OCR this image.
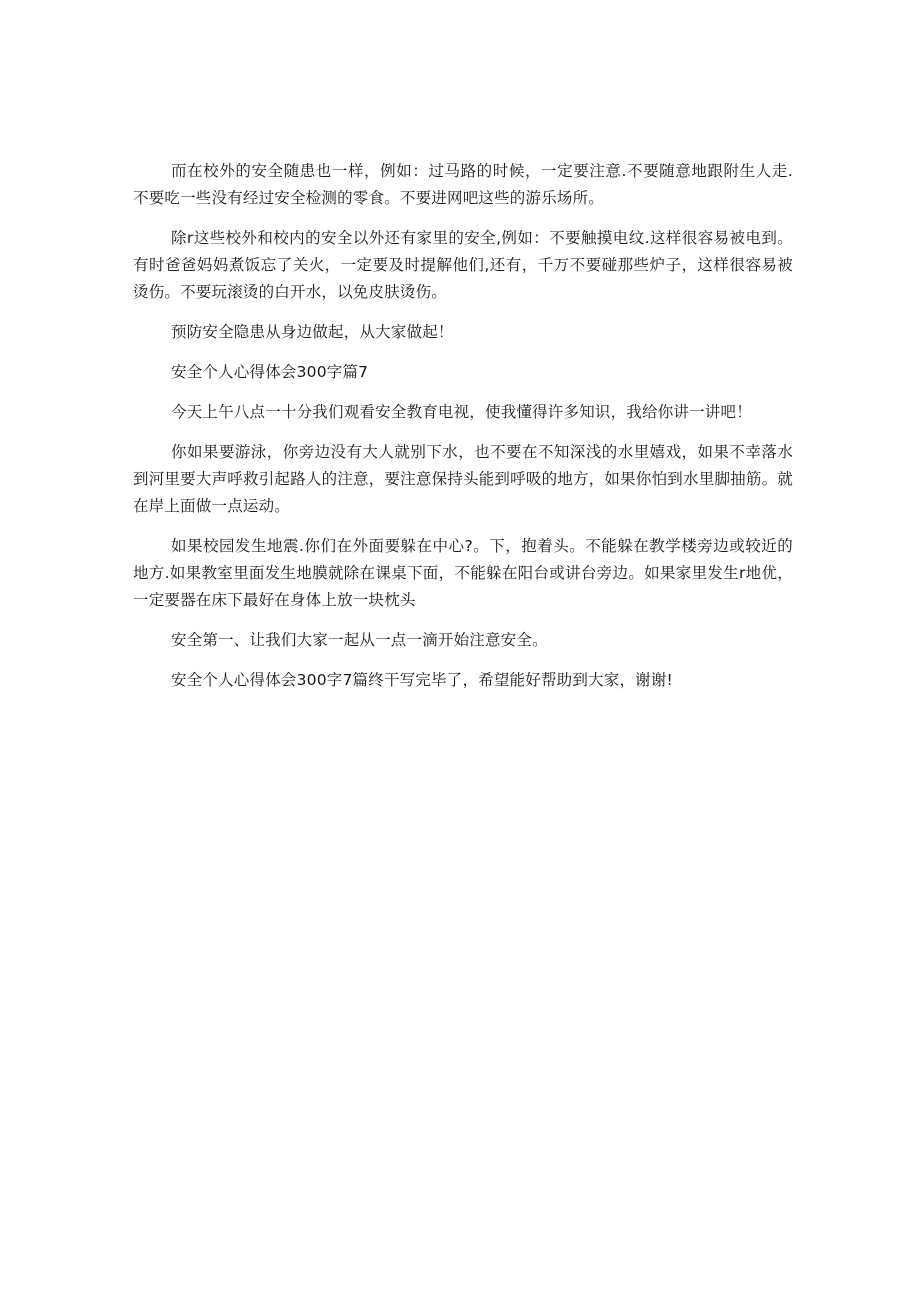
而在校外的安全随患也一样，例如：过马路的时候，一定要注意.不要随意地跟附生人走.不要吃一些没有经过安全检测的零食。不要进网吧这些的游乐场所。

除r这些校外和校内的安全以外还有家里的安全,例如：不要触摸电纹.这样很容易被电到。有时爸爸妈妈煮饭忘了关火，一定要及时提解他们,还有，千万不要碰那些炉子，这样很容易被烫伤。不要玩滚烫的白开水，以免皮肤烫伤。

预防安全隐患从身边做起，从大家做起！

安全个人心得体会300字篇7

今天上午八点一十分我们观看安全教育电视，使我懂得许多知识，我给你讲一讲吧！

你如果要游泳，你旁边没有大人就别下水，也不要在不知深浅的水里嬉戏，如果不幸落水到河里要大声呼救引起路人的注意，要注意保持头能到呼吸的地方，如果你怕到水里脚抽筋。就在岸上面做一点运动。

如果校园发生地震.你们在外面要躲在中心?。下，抱着头。不能躲在教学楼旁边或较近的地方.如果教室里面发生地膜就除在课桌下面，不能躲在阳台或讲台旁边。如果家里发生r地优，一定要器在床下最好在身体上放一块枕头

安全第一、让我们大家一起从一点一滴开始注意安全。

安全个人心得体会300字7篇终干写完毕了，希望能好帮助到大家，谢谢!
